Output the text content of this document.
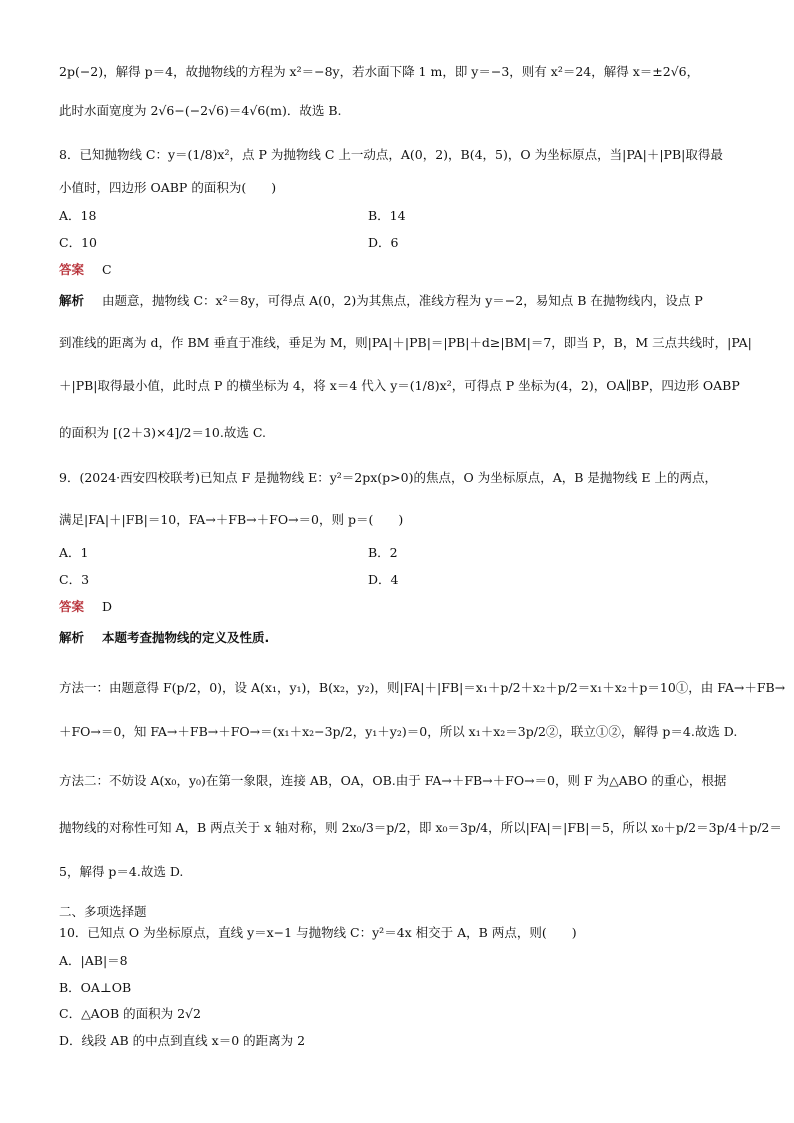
2p(−2)，解得 p＝4，故抛物线的方程为 x²＝−8y，若水面下降 1 m，即 y＝−3，则有 x²＝24，解得 x＝±2√6，
此时水面宽度为 2√6−(−2√6)＝4√6(m)．故选 B.
8．已知抛物线 C：y＝(1/8)x²，点 P 为抛物线 C 上一动点，A(0，2)，B(4，5)，O 为坐标原点，当|PA|＋|PB|取得最
小值时，四边形 OABP 的面积为(　　)
A．18	B．14
C．10	D．6
答案 C
解析 由题意，抛物线 C：x²＝8y，可得点 A(0，2)为其焦点，准线方程为 y＝−2，易知点 B 在抛物线内，设点 P
到准线的距离为 d，作 BM 垂直于准线，垂足为 M，则|PA|＋|PB|＝|PB|＋d≥|BM|＝7，即当 P，B，M 三点共线时，|PA|
＋|PB|取得最小值，此时点 P 的横坐标为 4，将 x＝4 代入 y＝(1/8)x²，可得点 P 坐标为(4，2)，OA∥BP，四边形 OABP
的面积为 [(2＋3)×4]/2＝10.故选 C.
9．(2024·西安四校联考)已知点 F 是抛物线 E：y²＝2px(p>0)的焦点，O 为坐标原点，A，B 是抛物线 E 上的两点，
满足|FA|＋|FB|＝10，FA→＋FB→＋FO→＝0，则 p＝(　　)
A．1	B．2
C．3	D．4
答案 D
解析 本题考查抛物线的定义及性质.
方法一：由题意得 F(p/2，0)，设 A(x₁，y₁)，B(x₂，y₂)，则|FA|＋|FB|＝x₁＋p/2＋x₂＋p/2＝x₁＋x₂＋p＝10①，由 FA→＋FB→
＋FO→＝0，知 FA→＋FB→＋FO→＝(x₁＋x₂−3p/2，y₁＋y₂)＝0，所以 x₁＋x₂＝3p/2②，联立①②，解得 p＝4.故选 D.
方法二：不妨设 A(x₀，y₀)在第一象限，连接 AB，OA，OB.由于 FA→＋FB→＋FO→＝0，则 F 为△ABO 的重心，根据
抛物线的对称性可知 A，B 两点关于 x 轴对称，则 2x₀/3＝p/2，即 x₀＝3p/4，所以|FA|＝|FB|＝5，所以 x₀＋p/2＝3p/4＋p/2＝
5，解得 p＝4.故选 D.
二、多项选择题
10．已知点 O 为坐标原点，直线 y＝x−1 与抛物线 C：y²＝4x 相交于 A，B 两点，则(　　)
A．|AB|＝8
B．OA⊥OB
C．△AOB 的面积为 2√2
D．线段 AB 的中点到直线 x＝0 的距离为 2
